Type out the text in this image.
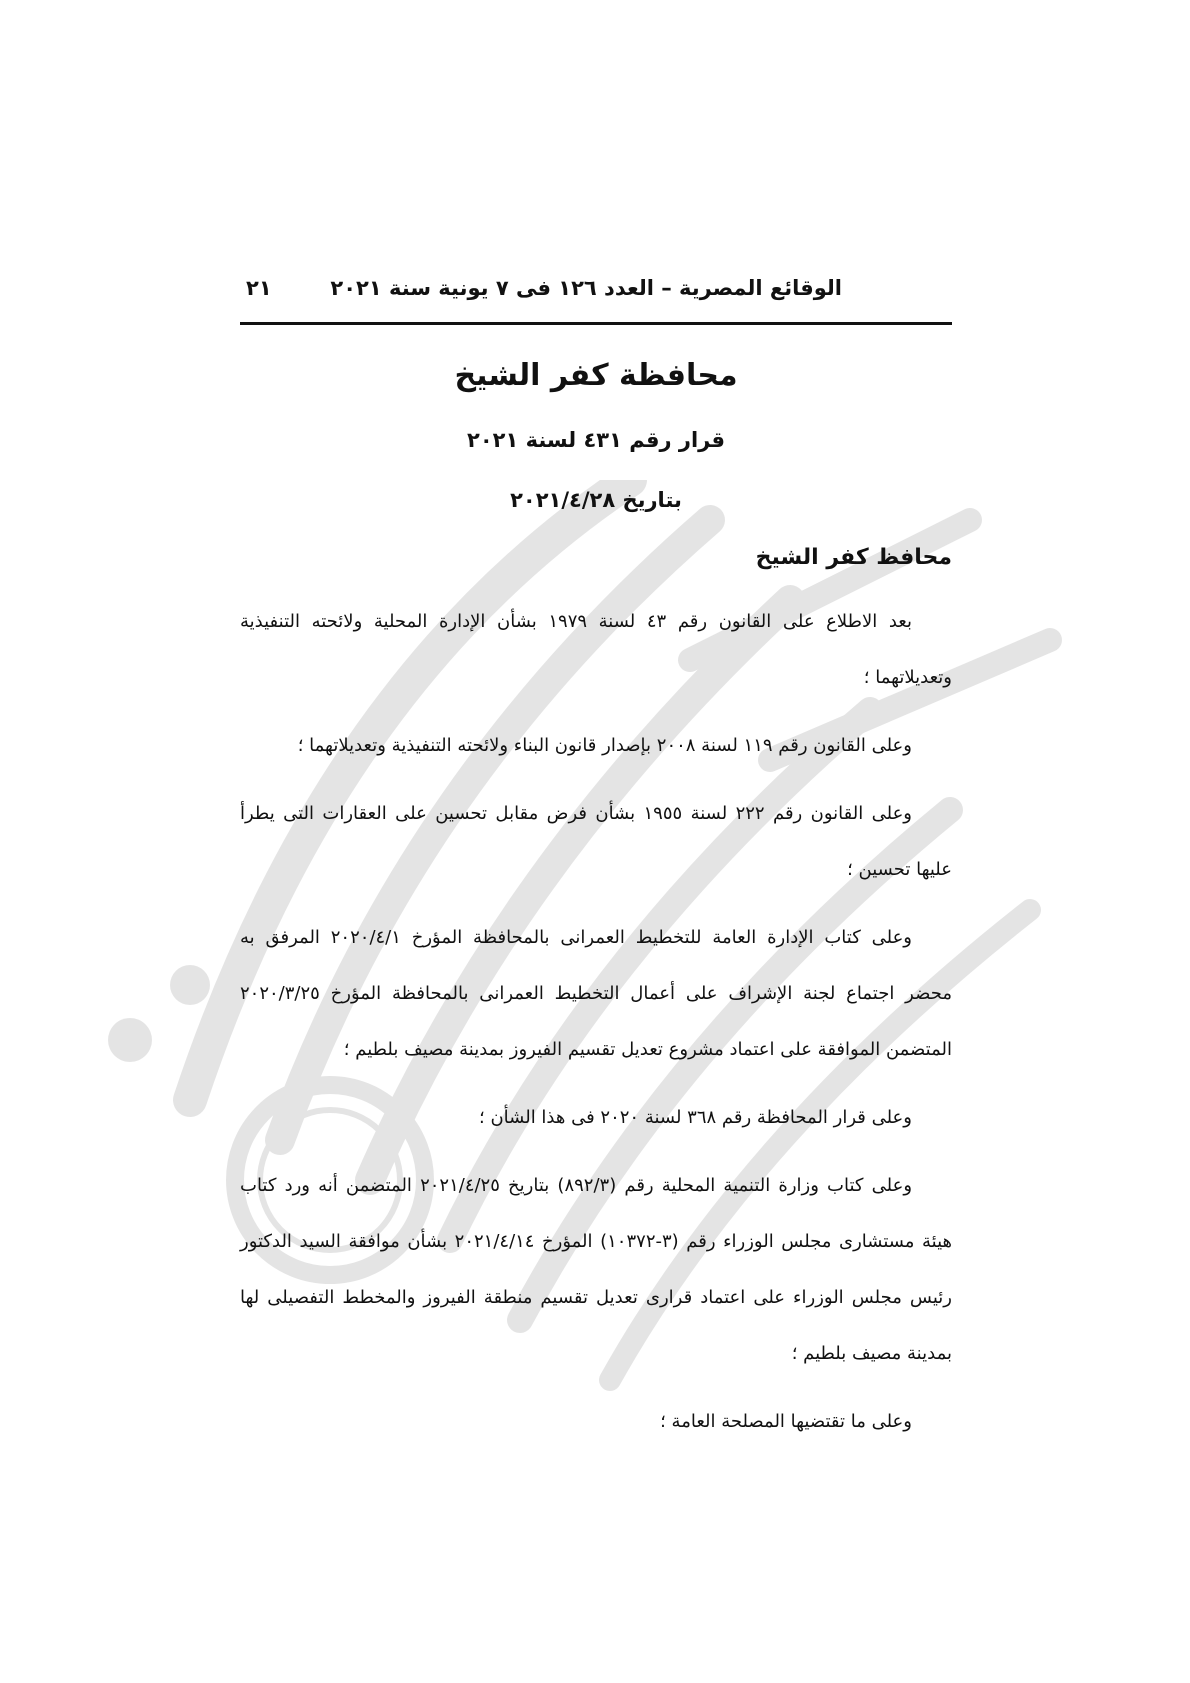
الوقائع المصرية – العدد ١٢٦ فى ٧ يونية سنة ٢٠٢١
٢١
محافظة كفر الشيخ
قرار رقم ٤٣١ لسنة ٢٠٢١
بتاريخ ٢٠٢١/٤/٢٨
محافظ كفر الشيخ

بعد الاطلاع على القانون رقم ٤٣ لسنة ١٩٧٩ بشأن الإدارة المحلية ولائحته التنفيذية وتعديلاتهما ؛

وعلى القانون رقم ١١٩ لسنة ٢٠٠٨ بإصدار قانون البناء ولائحته التنفيذية وتعديلاتهما ؛

وعلى القانون رقم ٢٢٢ لسنة ١٩٥٥ بشأن فرض مقابل تحسين على العقارات التى يطرأ عليها تحسين ؛

وعلى كتاب الإدارة العامة للتخطيط العمرانى بالمحافظة المؤرخ ٢٠٢٠/٤/١ المرفق به محضر اجتماع لجنة الإشراف على أعمال التخطيط العمرانى بالمحافظة المؤرخ ٢٠٢٠/٣/٢٥ المتضمن الموافقة على اعتماد مشروع تعديل تقسيم الفيروز بمدينة مصيف بلطيم ؛

وعلى قرار المحافظة رقم ٣٦٨ لسنة ٢٠٢٠ فى هذا الشأن ؛

وعلى كتاب وزارة التنمية المحلية رقم (٨٩٢/٣) بتاريخ ٢٠٢١/٤/٢٥ المتضمن أنه ورد كتاب هيئة مستشارى مجلس الوزراء رقم (٣-١٠٣٧٢) المؤرخ ٢٠٢١/٤/١٤ بشأن موافقة السيد الدكتور رئيس مجلس الوزراء على اعتماد قرارى تعديل تقسيم منطقة الفيروز والمخطط التفصيلى لها بمدينة مصيف بلطيم ؛

وعلى ما تقتضيها المصلحة العامة ؛
